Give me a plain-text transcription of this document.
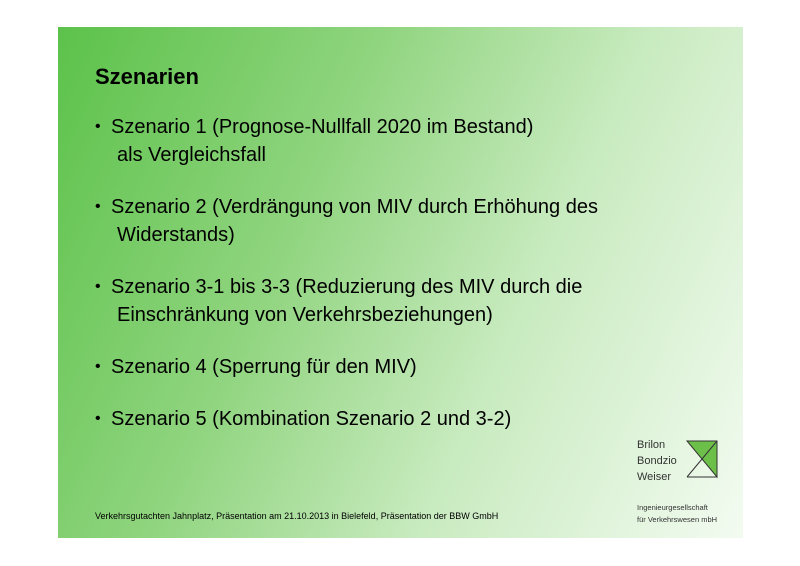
Szenarien
• Szenario 1 (Prognose-Nullfall 2020 im Bestand)
als Vergleichsfall
• Szenario 2 (Verdrängung von MIV durch Erhöhung des
Widerstands)
• Szenario 3-1 bis 3-3 (Reduzierung des MIV durch die
Einschränkung von Verkehrsbeziehungen)
• Szenario 4 (Sperrung für den MIV)
• Szenario 5 (Kombination Szenario 2 und 3-2)
Brilon
Bondzio
Weiser
Ingenieurgesellschaft
für Verkehrswesen mbH
Verkehrsgutachten Jahnplatz, Präsentation am 21.10.2013 in Bielefeld, Präsentation der BBW GmbH
